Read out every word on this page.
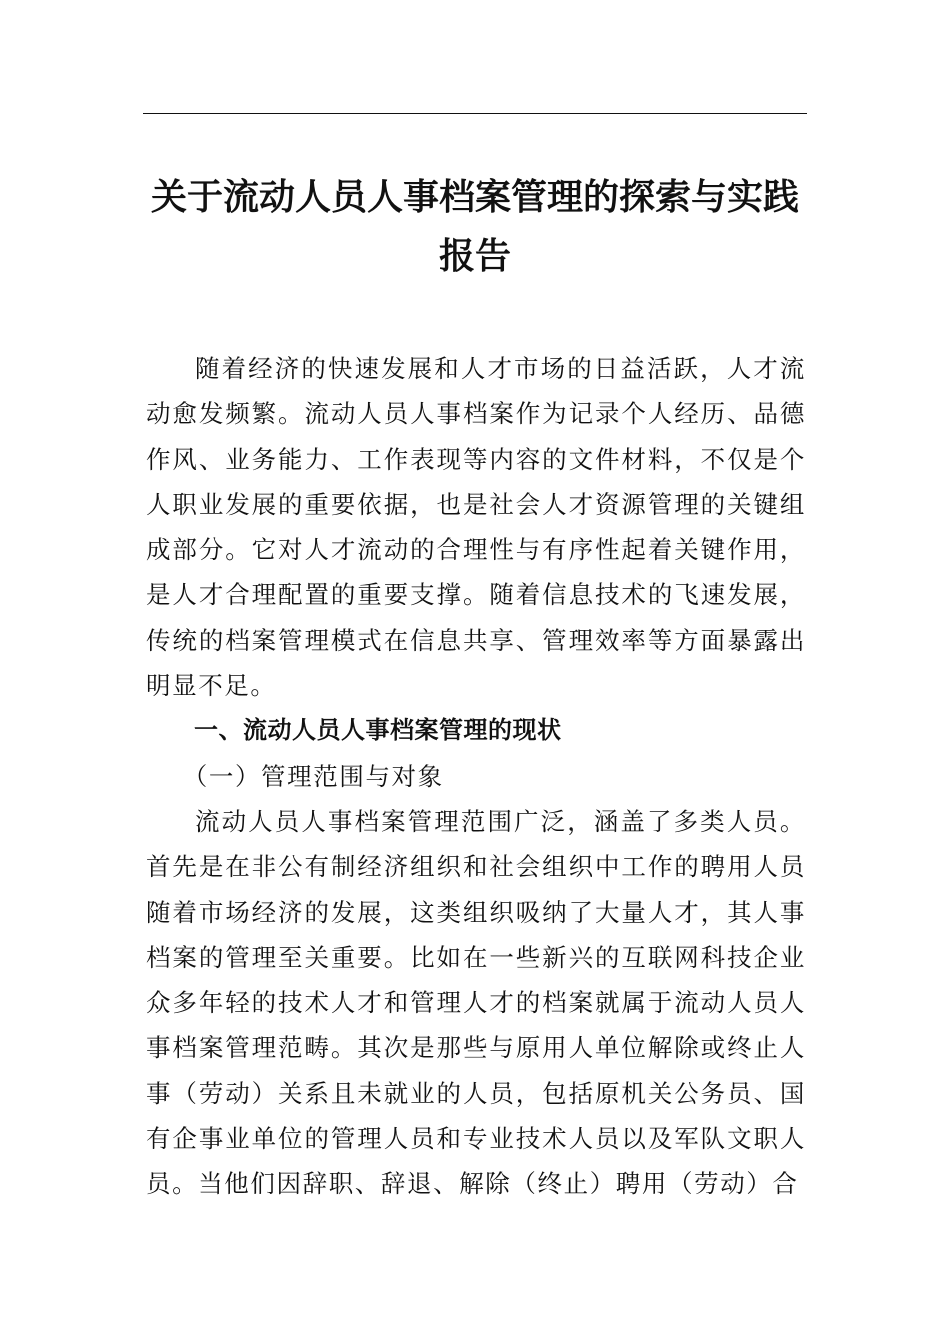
关于流动人员人事档案管理的探索与实践
报告

随着经济的快速发展和人才市场的日益活跃，人才流动愈发频繁。流动人员人事档案作为记录个人经历、品德作风、业务能力、工作表现等内容的文件材料，不仅是个人职业发展的重要依据，也是社会人才资源管理的关键组成部分。它对人才流动的合理性与有序性起着关键作用，是人才合理配置的重要支撑。随着信息技术的飞速发展，传统的档案管理模式在信息共享、管理效率等方面暴露出明显不足。

一、流动人员人事档案管理的现状

（一）管理范围与对象

流动人员人事档案管理范围广泛，涵盖了多类人员。首先是在非公有制经济组织和社会组织中工作的聘用人员随着市场经济的发展，这类组织吸纳了大量人才，其人事档案的管理至关重要。比如在一些新兴的互联网科技企业众多年轻的技术人才和管理人才的档案就属于流动人员人事档案管理范畴。其次是那些与原用人单位解除或终止人事（劳动）关系且未就业的人员，包括原机关公务员、国有企事业单位的管理人员和专业技术人员以及军队文职人员。当他们因辞职、辞退、解除（终止）聘用（劳动）合
